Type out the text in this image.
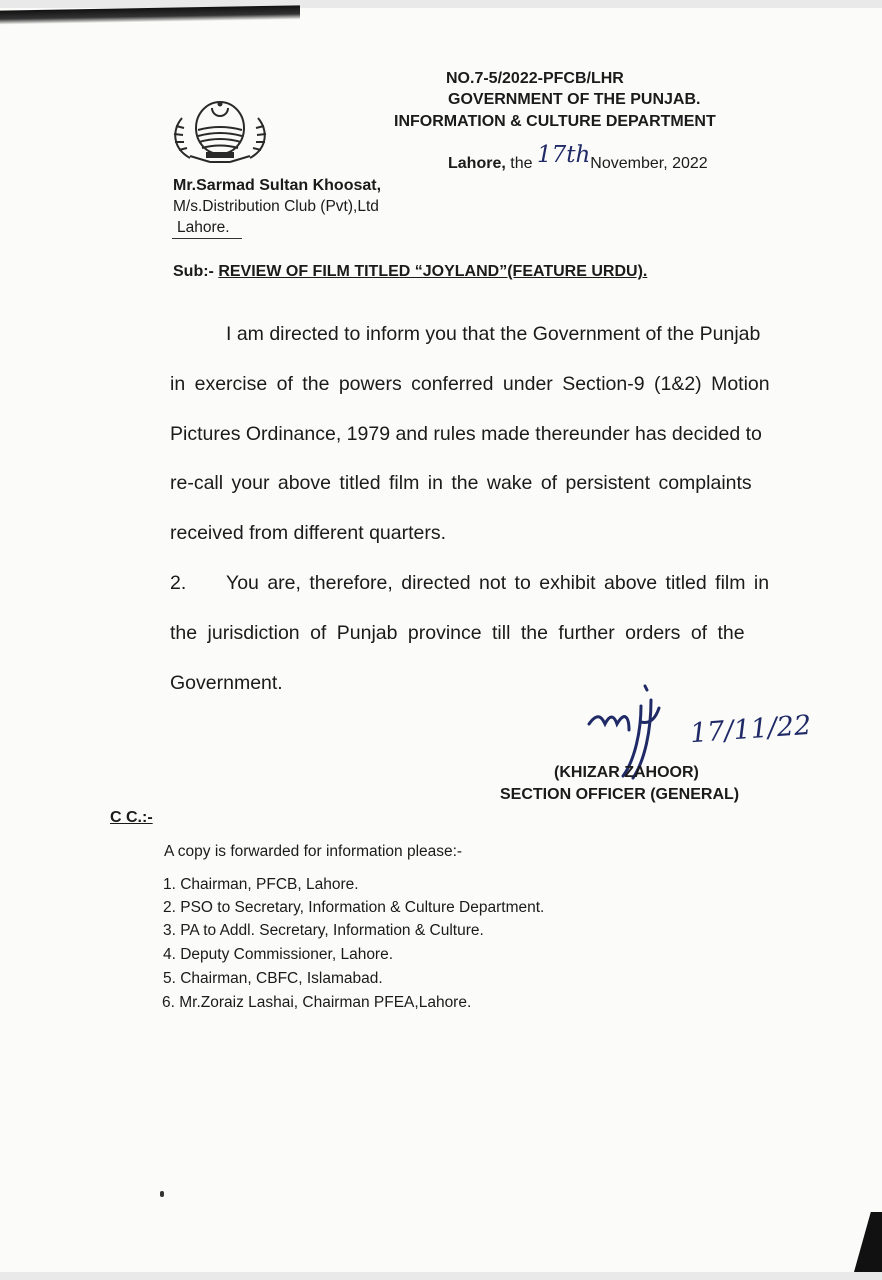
NO.7-5/2022-PFCB/LHR
GOVERNMENT OF THE PUNJAB.
INFORMATION & CULTURE DEPARTMENT
Lahore, the 17thNovember, 2022
Mr.Sarmad Sultan Khoosat,
M/s.Distribution Club (Pvt),Ltd
Lahore.
Sub:- REVIEW OF FILM TITLED “JOYLAND”(FEATURE URDU).
I am directed to inform you that the Government of the Punjab
in exercise of the powers conferred under Section-9 (1&2) Motion
Pictures Ordinance, 1979 and rules made thereunder has decided to
re-call your above titled film in the wake of persistent complaints
received from different quarters.
2. You are, therefore, directed not to exhibit above titled film in
the jurisdiction of Punjab province till the further orders of the
Government.
17/11/22
(KHIZAR ZAHOOR)
SECTION OFFICER (GENERAL)
C C.:-
A copy is forwarded for information please:-
1. Chairman, PFCB, Lahore.
2. PSO to Secretary, Information & Culture Department.
3. PA to Addl. Secretary, Information & Culture.
4. Deputy Commissioner, Lahore.
5. Chairman, CBFC, Islamabad.
6. Mr.Zoraiz Lashai, Chairman PFEA,Lahore.
